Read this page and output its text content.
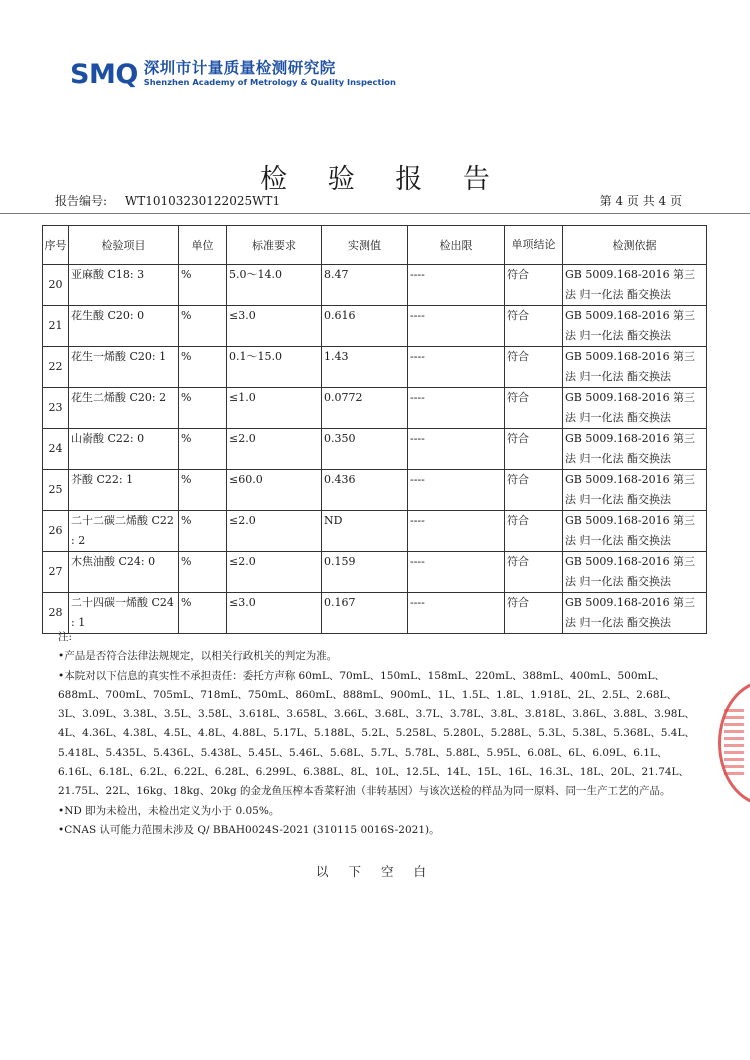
SMQ 深圳市计量质量检测研究院
Shenzhen Academy of Metrology & Quality Inspection
检 验 报 告
报告编号: WT10103230122025WT1	第 4 页 共 4 页
序号	检验项目	单位	标准要求	实测值	检出限	单项结论	检测依据
20	亚麻酸 C18: 3	%	5.0～14.0	8.47	----	符合	GB 5009.168-2016 第三法 归一化法 酯交换法
21	花生酸 C20: 0	%	≤3.0	0.616	----	符合	GB 5009.168-2016 第三法 归一化法 酯交换法
22	花生一烯酸 C20: 1	%	0.1～15.0	1.43	----	符合	GB 5009.168-2016 第三法 归一化法 酯交换法
23	花生二烯酸 C20: 2	%	≤1.0	0.0772	----	符合	GB 5009.168-2016 第三法 归一化法 酯交换法
24	山嵛酸 C22: 0	%	≤2.0	0.350	----	符合	GB 5009.168-2016 第三法 归一化法 酯交换法
25	芥酸 C22: 1	%	≤60.0	0.436	----	符合	GB 5009.168-2016 第三法 归一化法 酯交换法
26	二十二碳二烯酸 C22 : 2	%	≤2.0	ND	----	符合	GB 5009.168-2016 第三法 归一化法 酯交换法
27	木焦油酸 C24: 0	%	≤2.0	0.159	----	符合	GB 5009.168-2016 第三法 归一化法 酯交换法
28	二十四碳一烯酸 C24 : 1	%	≤3.0	0.167	----	符合	GB 5009.168-2016 第三法 归一化法 酯交换法

注:

•产品是否符合法律法规规定，以相关行政机关的判定为准。

•本院对以下信息的真实性不承担责任：委托方声称 60mL、70mL、150mL、158mL、220mL、388mL、400mL、500mL、688mL、700mL、705mL、718mL、750mL、860mL、888mL、900mL、1L、1.5L、1.8L、1.918L、2L、2.5L、2.68L、3L、3.09L、3.38L、3.5L、3.58L、3.618L、3.658L、3.66L、3.68L、3.7L、3.78L、3.8L、3.818L、3.86L、3.88L、3.98L、4L、4.36L、4.38L、4.5L、4.8L、4.88L、5.17L、5.188L、5.2L、5.258L、5.280L、5.288L、5.3L、5.38L、5.368L、5.4L、5.418L、5.435L、5.436L、5.438L、5.45L、5.46L、5.68L、5.7L、5.78L、5.88L、5.95L、6.08L、6L、6.09L、6.1L、6.16L、6.18L、6.2L、6.22L、6.28L、6.299L、6.388L、8L、10L、12.5L、14L、15L、16L、16.3L、18L、20L、21.74L、21.75L、22L、16kg、18kg、20kg 的金龙鱼压榨本香菜籽油（非转基因）与该次送检的样品为同一原料、同一生产工艺的产品。

•ND 即为未检出，未检出定义为小于 0.05%。

•CNAS 认可能力范围未涉及 Q/ BBAH0024S-2021 (310115 0016S-2021)。

以 下 空 白
